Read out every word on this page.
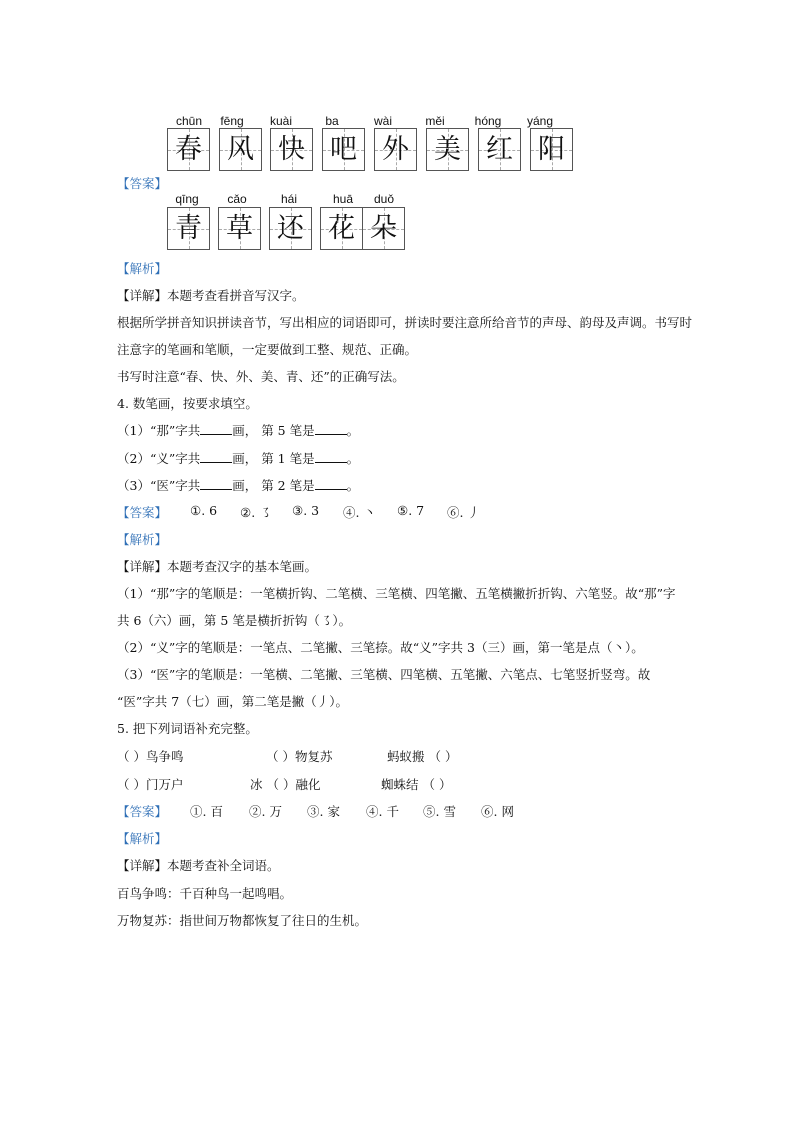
chūn	fēng	kuài	ba	wài	měi	hóng	yáng
春 风 快 吧 外 美 红 阳
【答案】
qīng	cǎo	hái	huā	duǒ
青 草 还 花 朵
【解析】
【详解】本题考查看拼音写汉字。
根据所学拼音知识拼读音节，写出相应的词语即可，拼读时要注意所给音节的声母、韵母及声调。书写时
注意字的笔画和笔顺，一定要做到工整、规范、正确。
书写时注意“春、快、外、美、青、还”的正确写法。
4. 数笔画，按要求填空。
（1）“那”字共	画， 第 5 笔是	。
（2）“义”字共	画， 第 1 笔是	。
（3）“医”字共	画， 第 2 笔是	。
【答案】 ①. 6 ②. ㇌ ③. 3 ④. 丶 ⑤. 7 ⑥. 丿
【解析】
【详解】本题考查汉字的基本笔画。
（1）“那”字的笔顺是：一笔横折钩、二笔横、三笔横、四笔撇、五笔横撇折折钩、六笔竖。故“那”字
共 6（六）画，第 5 笔是横折折钩（㇌）。
（2）“义”字的笔顺是：一笔点、二笔撇、三笔捺。故“义”字共 3（三）画，第一笔是点（丶）。
（3）“医”字的笔顺是：一笔横、二笔撇、三笔横、四笔横、五笔撇、六笔点、七笔竖折竖弯。故
“医”字共 7（七）画，第二笔是撇（丿）。
5. 把下列词语补充完整。
（ ）鸟争鸣	（ ）物复苏	蚂蚁搬 （ ）
（ ）门万户	冰 （ ）融化	蜘蛛结 （ ）
【答案】 ①. 百 ②. 万 ③. 家 ④. 千 ⑤. 雪 ⑥. 网
【解析】
【详解】本题考查补全词语。
百鸟争鸣：千百种鸟一起鸣唱。
万物复苏：指世间万物都恢复了往日的生机。
